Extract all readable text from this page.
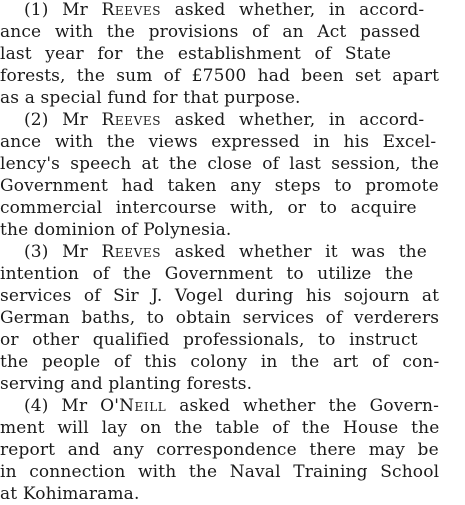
(1) Mr Reeves asked whether, in accord-
ance with the provisions of an Act passed
last year for the establishment of State
forests, the sum of £7500 had been set apart
as a special fund for that purpose.
(2) Mr Reeves asked whether, in accord-
ance with the views expressed in his Excel-
lency's speech at the close of last session, the
Government had taken any steps to promote
commercial intercourse with, or to acquire
the dominion of Polynesia.
(3) Mr Reeves asked whether it was the
intention of the Government to utilize the
services of Sir J. Vogel during his sojourn at
German baths, to obtain services of verderers
or other qualified professionals, to instruct
the people of this colony in the art of con-
serving and planting forests.
(4) Mr O'Neill asked whether the Govern-
ment will lay on the table of the House the
report and any correspondence there may be
in connection with the Naval Training School
at Kohimarama.
